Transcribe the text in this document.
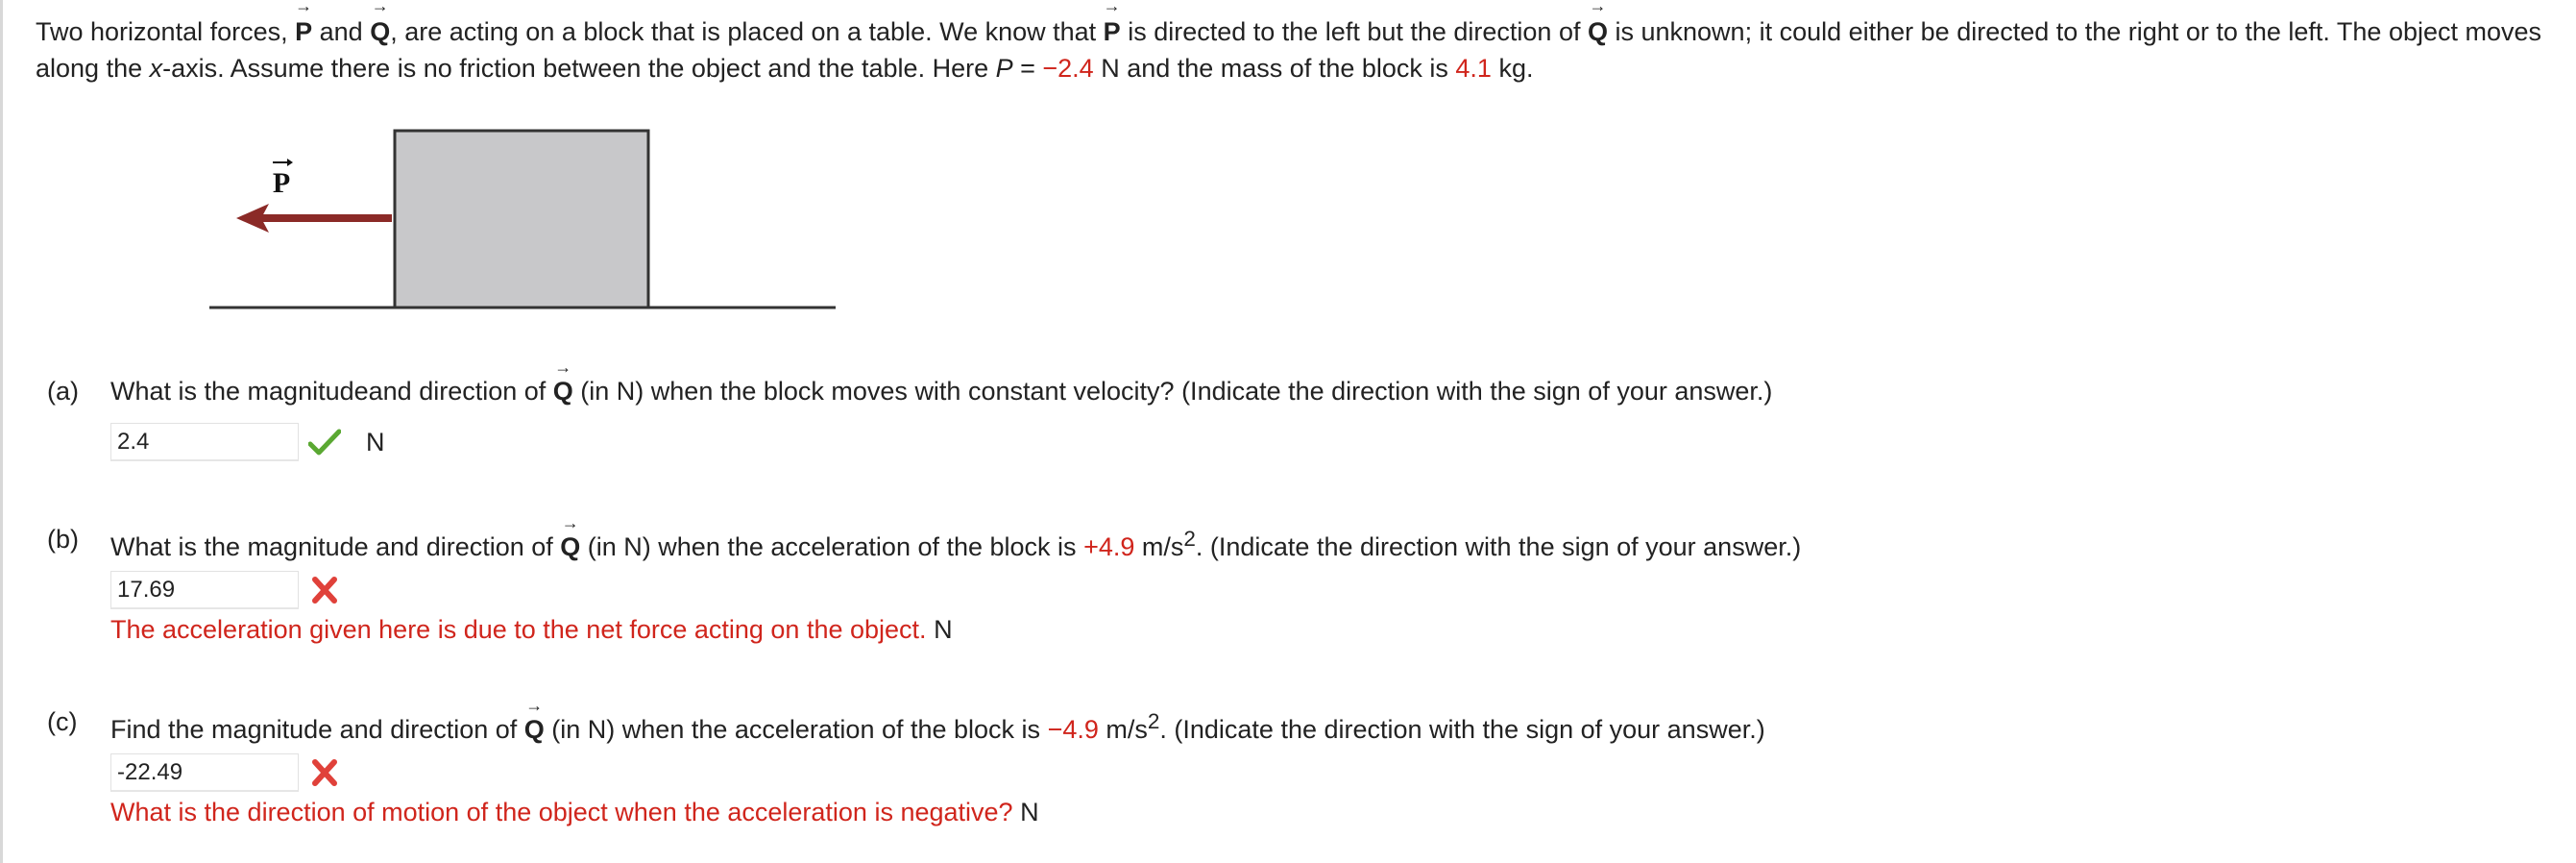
Two horizontal forces, → P and → Q, are acting on a block that is placed on a table. We know that → P is directed to the left but the direction of → Q is unknown; it could either be directed to the right or to the left. The object moves along the x-axis. Assume there is no friction between the object and the table. Here P = −2.4 N and the mass of the block is 4.1 kg.
P
(a) What is the magnitudeand direction of → Q (in N) when the block moves with constant velocity? (Indicate the direction with the sign of your answer.)
2.4	N
(b) What is the magnitude and direction of → Q (in N) when the acceleration of the block is +4.9 $m/s^2$. (Indicate the direction with the sign of your answer.)
17.69
The acceleration given here is due to the net force acting on the object. N
(c) Find the magnitude and direction of → Q (in N) when the acceleration of the block is −4.9 $m/s^2$. (Indicate the direction with the sign of your answer.)
-22.49
What is the direction of motion of the object when the acceleration is negative? N
